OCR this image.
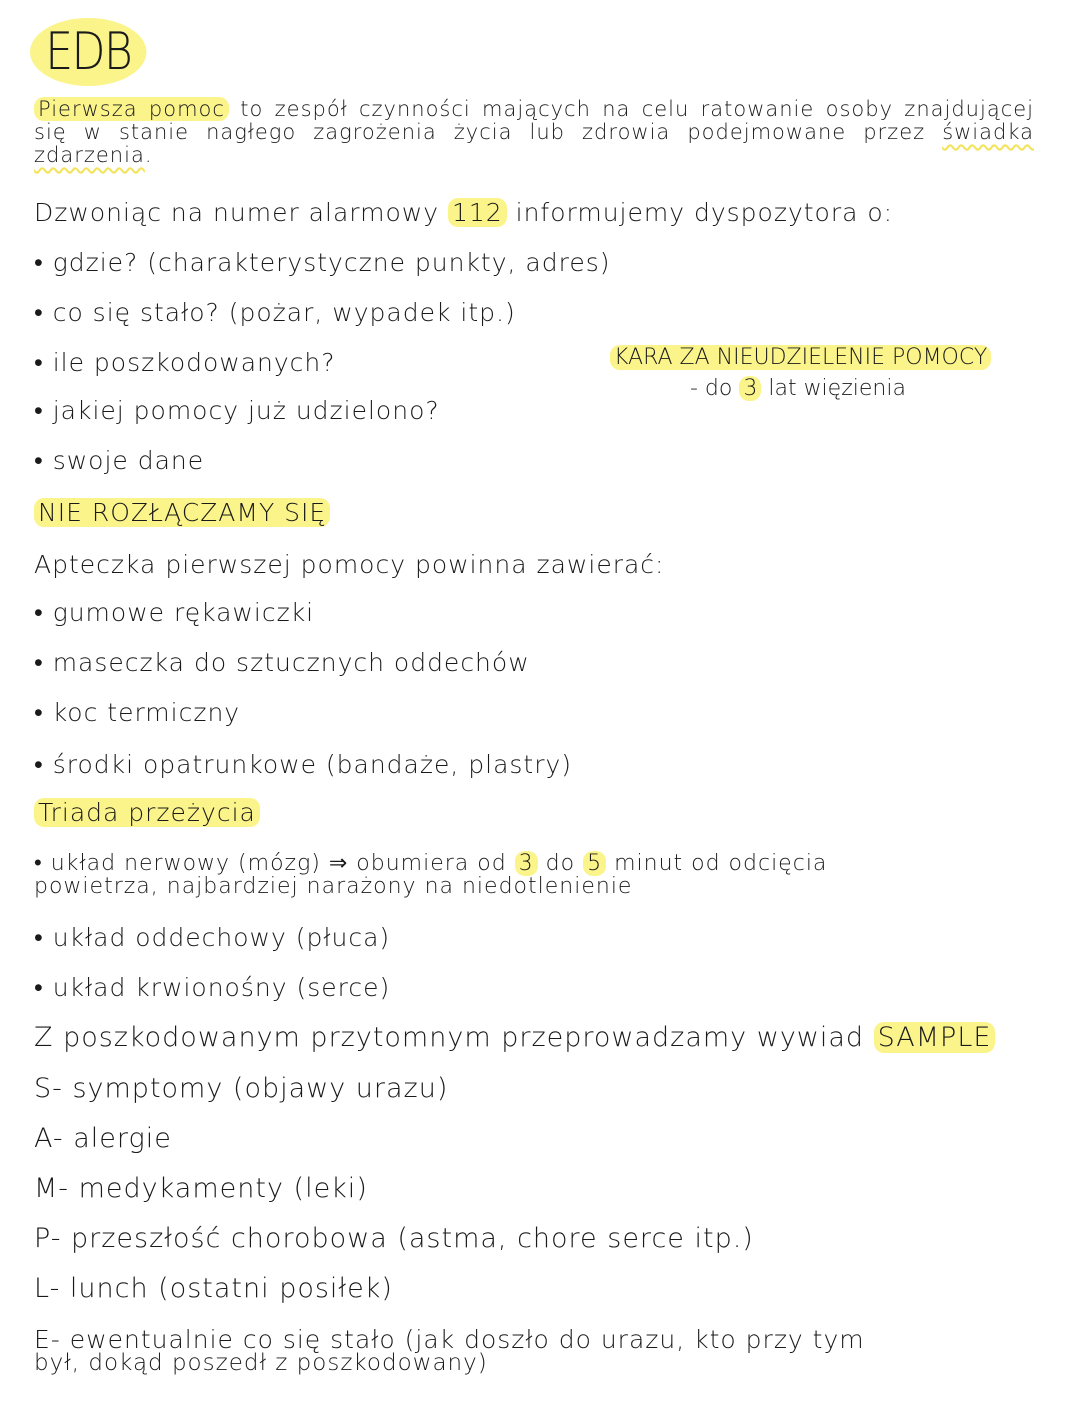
EDB
Pierwsza pomoc to zespół czynności mających na celu ratowanie osoby znajdującej się w stanie nagłego zagrożenia życia lub zdrowia podejmowane przez świadka zdarzenia.
Dzwoniąc na numer alarmowy 112 informujemy dyspozytora o:
• gdzie? (charakterystyczne punkty, adres)
• co się stało? (pożar, wypadek itp.)
• ile poszkodowanych?
• jakiej pomocy już udzielono?
• swoje dane
KARA ZA NIEUDZIELENIE POMOCY
- do 3 lat więzienia
NIE ROZŁĄCZAMY SIĘ
Apteczka pierwszej pomocy powinna zawierać:
• gumowe rękawiczki
• maseczka do sztucznych oddechów
• koc termiczny
• środki opatrunkowe (bandaże, plastry)
Triada przeżycia
• układ nerwowy (mózg) ⇒ obumiera od 3 do 5 minut od odcięcia
powietrza, najbardziej narażony na niedotlenienie
• układ oddechowy (płuca)
• układ krwionośny (serce)
Z poszkodowanym przytomnym przeprowadzamy wywiad SAMPLE
S- symptomy (objawy urazu)
A- alergie
M- medykamenty (leki)
P- przeszłość chorobowa (astma, chore serce itp.)
L- lunch (ostatni posiłek)
E- ewentualnie co się stało (jak doszło do urazu, kto przy tym
był, dokąd poszedł z poszkodowany)
